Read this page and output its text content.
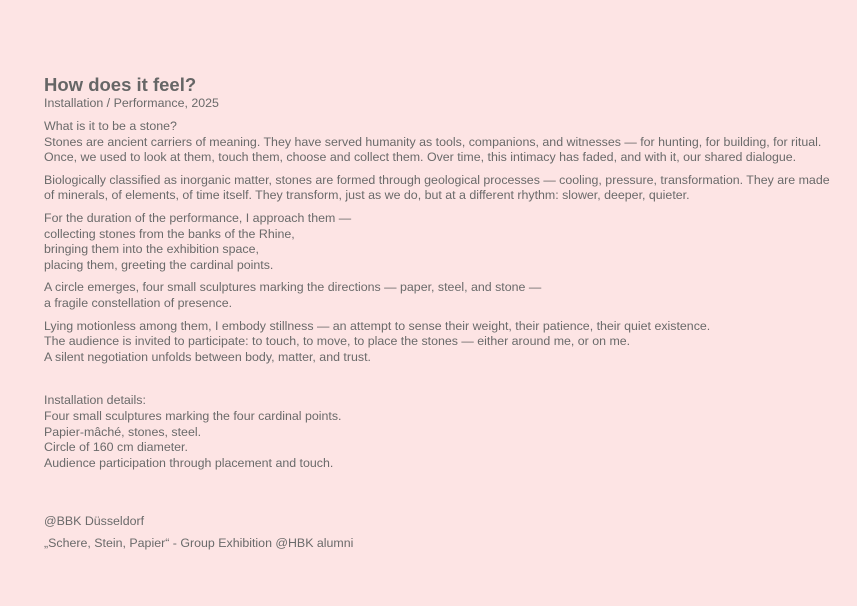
How does it feel?

Installation / Performance, 2025

What is it to be a stone?
Stones are ancient carriers of meaning. They have served humanity as tools, companions, and witnesses — for hunting, for building, for ritual. Once, we used to look at them, touch them, choose and collect them. Over time, this intimacy has faded, and with it, our shared dialogue.

Biologically classified as inorganic matter, stones are formed through geological processes — cooling, pressure, transformation. They are made of minerals, of elements, of time itself. They transform, just as we do, but at a different rhythm: slower, deeper, quieter.

For the duration of the performance, I approach them —
collecting stones from the banks of the Rhine,
bringing them into the exhibition space,
placing them, greeting the cardinal points.

A circle emerges, four small sculptures marking the directions — paper, steel, and stone —
a fragile constellation of presence.

Lying motionless among them, I embody stillness — an attempt to sense their weight, their patience, their quiet existence.
The audience is invited to participate: to touch, to move, to place the stones — either around me, or on me.
A silent negotiation unfolds between body, matter, and trust.

Installation details:
Four small sculptures marking the four cardinal points.
Papier-mâché, stones, steel.
Circle of 160 cm diameter.
Audience participation through placement and touch.

@BBK Düsseldorf

„Schere, Stein, Papier“ - Group Exhibition @HBK alumni
